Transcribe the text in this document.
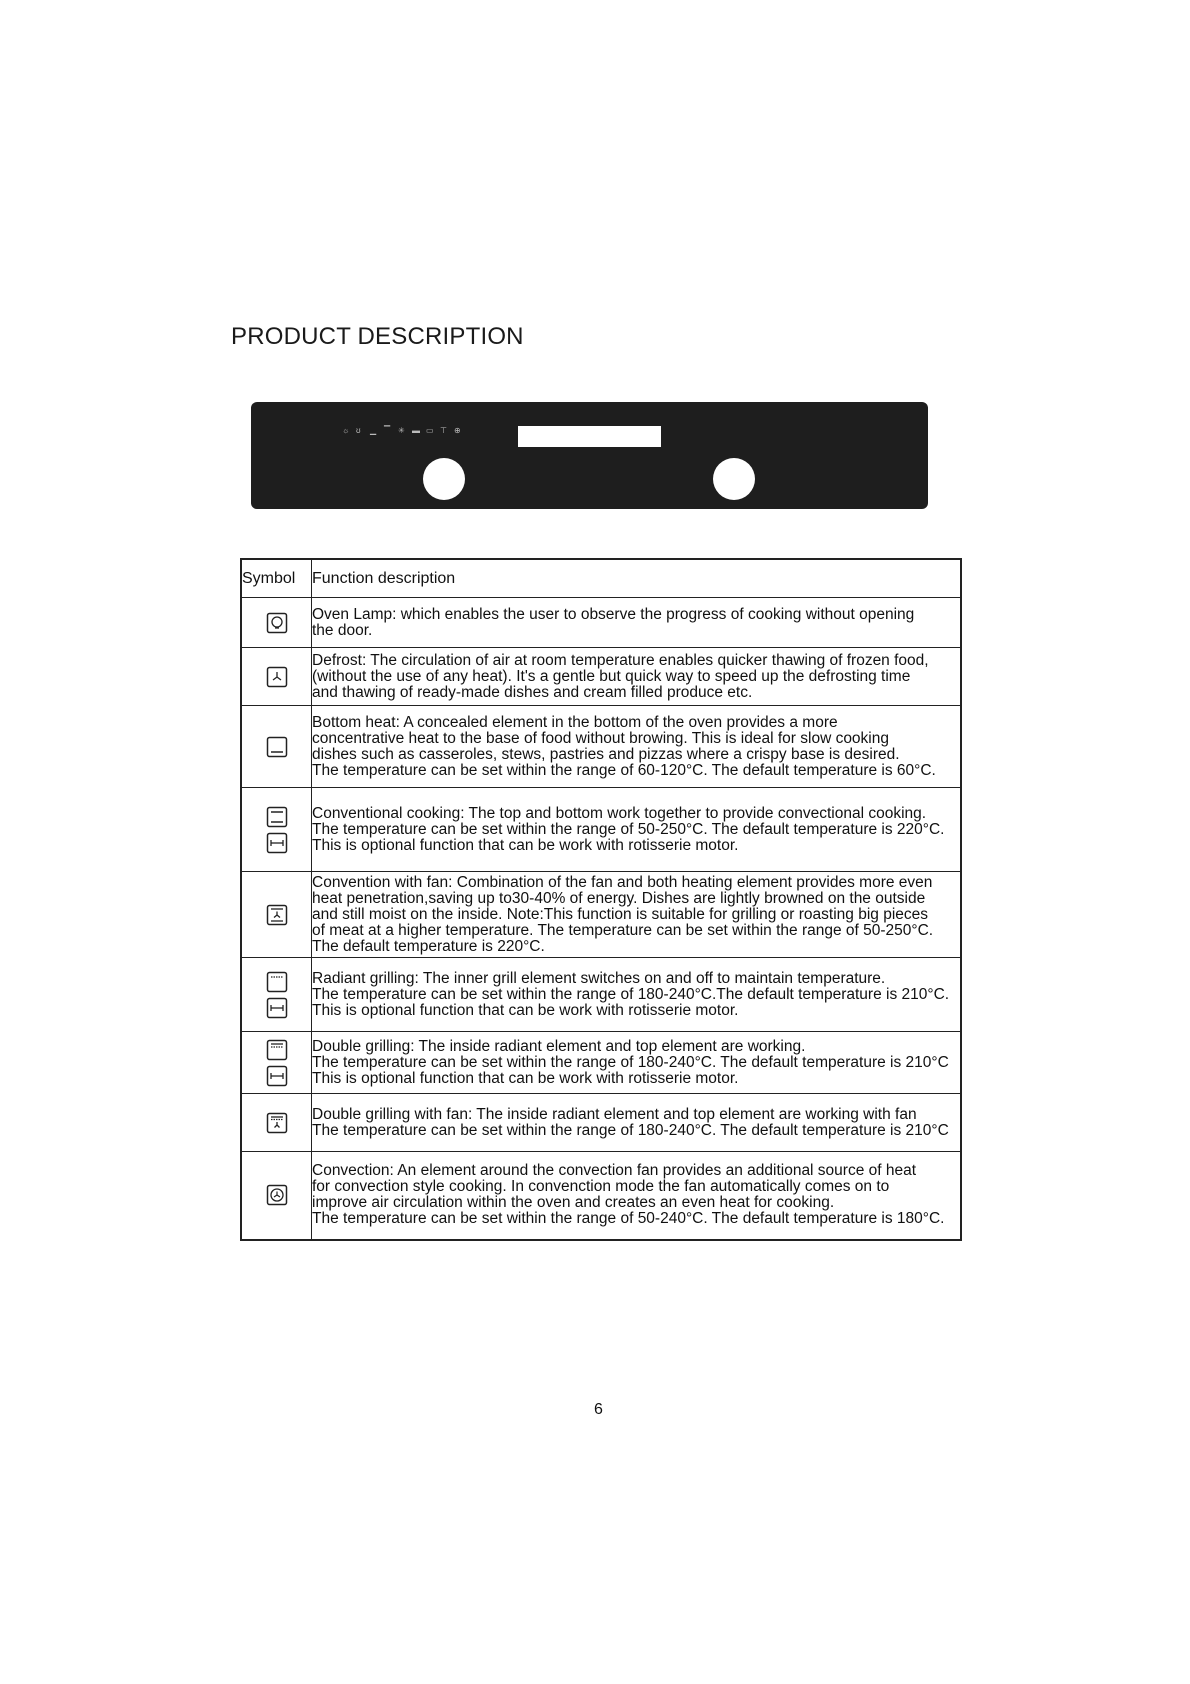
PRODUCT DESCRIPTION
☼ ʊ	▁ ▔ ✳ ▬ ▭ ⊤ ⊕
Symbol	Function description

	Oven Lamp: which enables the user to observe the progress of cooking without opening
the door.

	Defrost: The circulation of air at room temperature enables quicker thawing of frozen food,
(without the use of any heat). It's a gentle but quick way to speed up the defrosting time
and thawing of ready-made dishes and cream filled produce etc.

	Bottom heat: A concealed element in the bottom of the oven provides a more
concentrative heat to the base of food without browing. This is ideal for slow cooking
dishes such as casseroles, stews, pastries and pizzas where a crispy base is desired.
The temperature can be set within the range of 60-120°C. The default temperature is 60°C.

	Conventional cooking: The top and bottom work together to provide convectional cooking.
The temperature can be set within the range of 50-250°C. The default temperature is 220°C.
This is optional function that can be work with rotisserie motor.

	Convention with fan: Combination of the fan and both heating element provides more even
heat penetration,saving up to30-40% of energy. Dishes are lightly browned on the outside
and still moist on the inside. Note:This function is suitable for grilling or roasting big pieces
of meat at a higher temperature. The temperature can be set within the range of 50-250°C.
The default temperature is 220°C.

	Radiant grilling: The inner grill element switches on and off to maintain temperature.
The temperature can be set within the range of 180-240°C.The default temperature is 210°C.
This is optional function that can be work with rotisserie motor.

	Double grilling: The inside radiant element and top element are working.
The temperature can be set within the range of 180-240°C. The default temperature is 210°C
This is optional function that can be work with rotisserie motor.

	Double grilling with fan: The inside radiant element and top element are working with fan
The temperature can be set within the range of 180-240°C. The default temperature is 210°C

	Convection: An element around the convection fan provides an additional source of heat
for convection style cooking. In convenction mode the fan automatically comes on to
improve air circulation within the oven and creates an even heat for cooking.
The temperature can be set within the range of 50-240°C. The default temperature is 180°C.
6
